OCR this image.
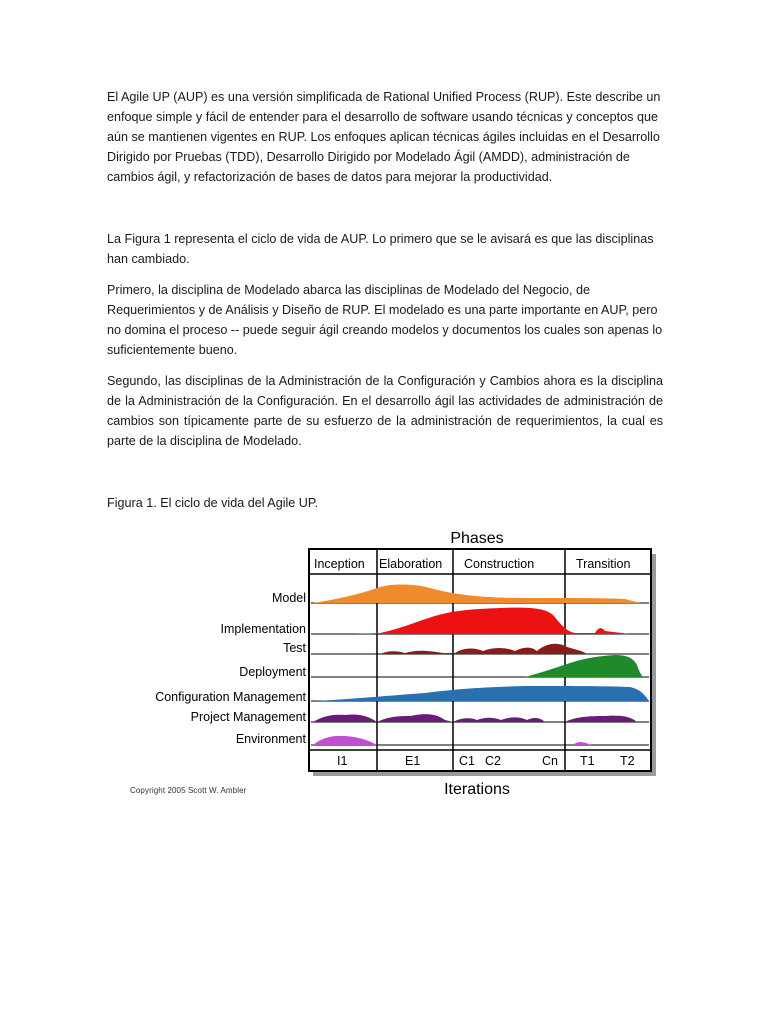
El Agile UP (AUP) es una versión simplificada de Rational Unified Process (RUP). Este describe un enfoque simple y fácil de entender para el desarrollo de software usando técnicas y conceptos que aún se mantienen vigentes en RUP. Los enfoques aplican técnicas ágiles incluidas en el Desarrollo Dirigido por Pruebas (TDD), Desarrollo Dirigido por Modelado Ágil (AMDD), administración de cambios ágil, y refactorización de bases de datos para mejorar la productividad.

La Figura 1 representa el ciclo de vida de AUP. Lo primero que se le avisará es que las disciplinas han cambiado.

Primero, la disciplina de Modelado abarca las disciplinas de Modelado del Negocio, de Requerimientos y de Análisis y Diseño de RUP. El modelado es una parte importante en AUP, pero no domina el proceso -- puede seguir ágil creando modelos y documentos los cuales son apenas lo suficientemente bueno.

Segundo, las disciplinas de la Administración de la Configuración y Cambios ahora es la disciplina de la Administración de la Configuración. En el desarrollo ágil las actividades de administración de cambios son típicamente parte de su esfuerzo de la administración de requerimientos, la cual es parte de la disciplina de Modelado.

Figura 1. El ciclo de vida del Agile UP.

Inception Elaboration Construction	Transition
Phases
Iterations
Model
Implementation
Test
Deployment
Configuration Management
Project Management
Environment
I1	E1	C1 C2	Cn T1 T2
Copyright 2005 Scott W. Ambler
